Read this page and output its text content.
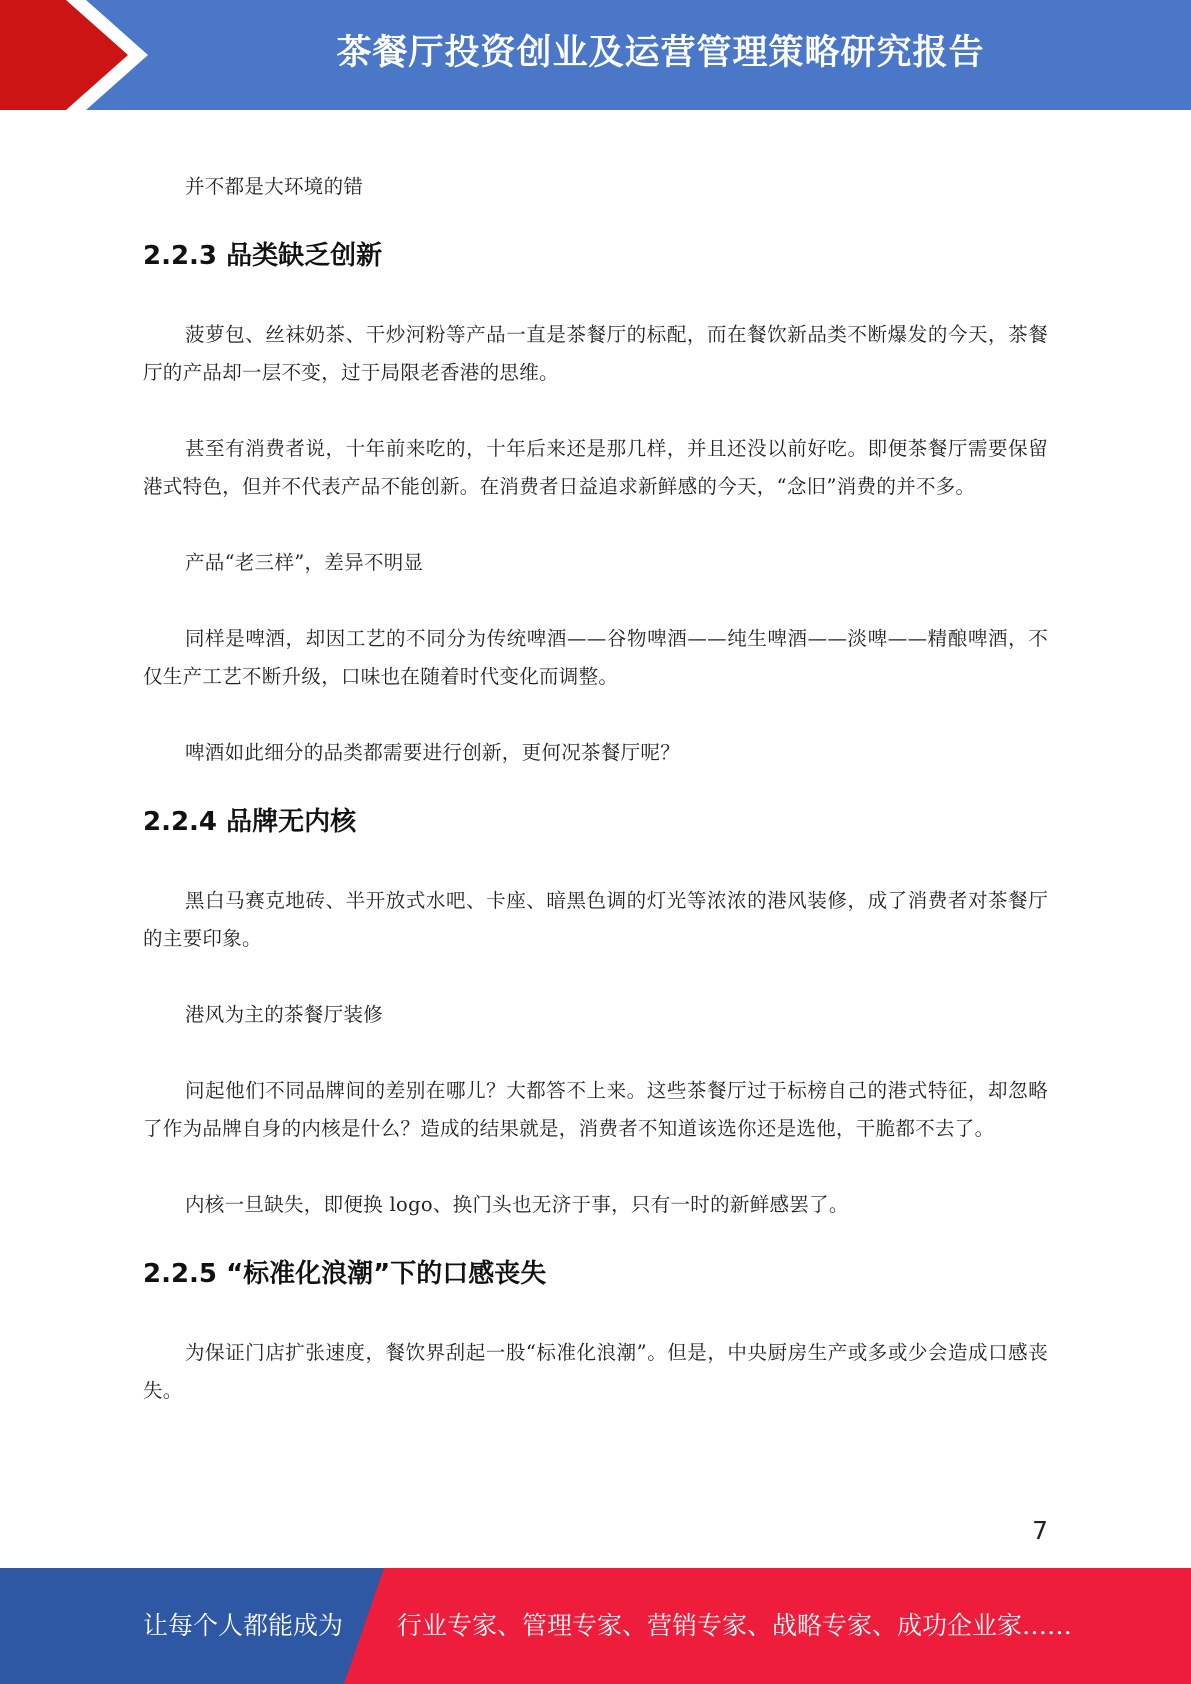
茶餐厅投资创业及运营管理策略研究报告

并不都是大环境的错

2.2.3 品类缺乏创新

菠萝包、丝袜奶茶、干炒河粉等产品一直是茶餐厅的标配，而在餐饮新品类不断爆发的今天，茶餐厅的产品却一层不变，过于局限老香港的思维。

甚至有消费者说，十年前来吃的，十年后来还是那几样，并且还没以前好吃。即便茶餐厅需要保留港式特色，但并不代表产品不能创新。在消费者日益追求新鲜感的今天，“念旧”消费的并不多。

产品“老三样”，差异不明显

同样是啤酒，却因工艺的不同分为传统啤酒——谷物啤酒——纯生啤酒——淡啤——精酿啤酒，不仅生产工艺不断升级，口味也在随着时代变化而调整。

啤酒如此细分的品类都需要进行创新，更何况茶餐厅呢？

2.2.4 品牌无内核

黑白马赛克地砖、半开放式水吧、卡座、暗黑色调的灯光等浓浓的港风装修，成了消费者对茶餐厅的主要印象。

港风为主的茶餐厅装修

问起他们不同品牌间的差别在哪儿？大都答不上来。这些茶餐厅过于标榜自己的港式特征，却忽略了作为品牌自身的内核是什么？造成的结果就是，消费者不知道该选你还是选他，干脆都不去了。

内核一旦缺失，即便换 logo、换门头也无济于事，只有一时的新鲜感罢了。

2.2.5 “标准化浪潮”下的口感丧失

为保证门店扩张速度，餐饮界刮起一股“标准化浪潮”。但是，中央厨房生产或多或少会造成口感丧失。

7
让每个人都能成为 行业专家、管理专家、营销专家、战略专家、成功企业家……
